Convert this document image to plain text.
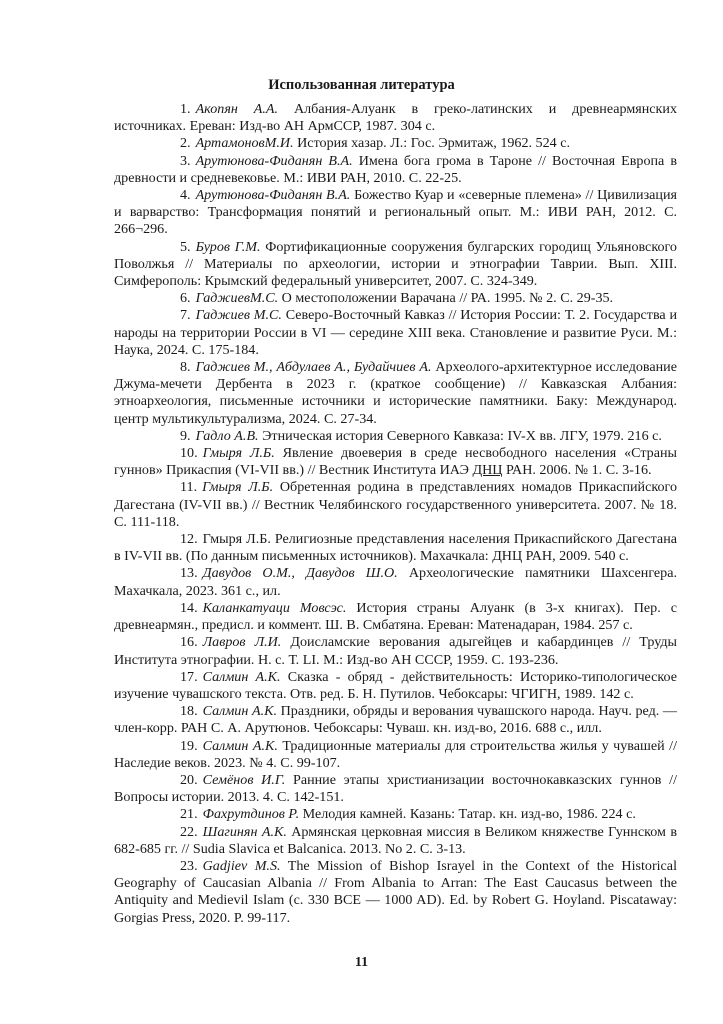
Использованная литература
1. Акопян А.А. Албания-Алуанк в греко-латинских и древнеармянских источниках. Ереван: Изд-во АН АрмССР, 1987. 304 с.
2. АртамоновМ.И. История хазар. Л.: Гос. Эрмитаж, 1962. 524 с.
3. Арутюнова-Фиданян В.А. Имена бога грома в Тароне // Восточная Европа в древности и средневековье. М.: ИВИ РАН, 2010. С. 22-25.
4. Арутюнова-Фиданян В.А. Божество Куар и «северные племена» // Цивилизация и варварство: Трансформация понятий и региональный опыт. М.: ИВИ РАН, 2012. С. 266¬296.
5. Буров Г.М. Фортификационные сооружения булгарских городищ Ульяновского Поволжья // Материалы по археологии, истории и этнографии Таврии. Вып. XIII. Симферополь: Крымский федеральный университет, 2007. С. 324-349.
6. ГаджиевМ.С. О местоположении Варачана // РА. 1995. № 2. С. 29-35.
7. Гаджиев М.С. Северо-Восточный Кавказ // История России: Т. 2. Государства и народы на территории России в VI — середине XIII века. Становление и развитие Руси. М.: Наука, 2024. С. 175-184.
8. Гаджиев М., Абдулаев А., Будайчиев А. Археолого-архитектурное исследование Джума-мечети Дербента в 2023 г. (краткое сообщение) // Кавказская Албания: этноархеология, письменные источники и исторические памятники. Баку: Международ. центр мультикультурализма, 2024. С. 27-34.
9. Гадло А.В. Этническая история Северного Кавказа: IV-X вв. ЛГУ, 1979. 216 с.
10. Гмыря Л.Б. Явление двоеверия в среде несвободного населения «Страны гуннов» Прикаспия (VI-VII вв.) // Вестник Института ИАЭ ДНЦ РАН. 2006. № 1. С. 3-16.
11. Гмыря Л.Б. Обретенная родина в представлениях номадов Прикаспийского Дагестана (IV-VII вв.) // Вестник Челябинского государственного университета. 2007. № 18. С. 111-118.
12. Гмыря Л.Б. Религиозные представления населения Прикаспийского Дагестана в IV-VII вв. (По данным письменных источников). Махачкала: ДНЦ РАН, 2009. 540 с.
13. Давудов О.М., Давудов Ш.О. Археологические памятники Шахсенгера. Махачкала, 2023. 361 с., ил.
14. Каланкатуаци Мовсэс. История страны Алуанк (в 3-х книгах). Пер. с древнеармян., предисл. и коммент. Ш. В. Смбатяна. Ереван: Матенадаран, 1984. 257 с.
16. Лавров Л.И. Доисламские верования адыгейцев и кабардинцев // Труды Института этнографии. Н. с. Т. LI. М.: Изд-во АН СССР, 1959. С. 193-236.
17. Салмин А.К. Сказка - обряд - действительность: Историко-типологическое изучение чувашского текста. Отв. ред. Б. Н. Путилов. Чебоксары: ЧГИГН, 1989. 142 с.
18. Салмин А.К. Праздники, обряды и верования чувашского народа. Науч. ред. — член-корр. РАН С. А. Арутюнов. Чебоксары: Чуваш. кн. изд-во, 2016. 688 с., илл.
19. Салмин А.К. Традиционные материалы для строительства жилья у чувашей // Наследие веков. 2023. № 4. С. 99-107.
20. Семёнов И.Г. Ранние этапы христианизации восточнокавказских гуннов // Вопросы истории. 2013. 4. С. 142-151.
21. Фахрутдинов Р. Мелодия камней. Казань: Татар. кн. изд-во, 1986. 224 с.
22. Шагинян А.К. Армянская церковная миссия в Великом княжестве Гуннском в 682-685 гг. // Sudia Slavica et Balcanica. 2013. No 2. С. 3-13.
23. Gadjiev M.S. The Mission of Bishop Israyel in the Context of the Historical Geography of Caucasian Albania // From Albania to Arran: The East Caucasus between the Antiquity and Medievil Islam (c. 330 BCE — 1000 AD). Ed. by Robert G. Hoyland. Piscataway: Gorgias Press, 2020. P. 99-117.
11
